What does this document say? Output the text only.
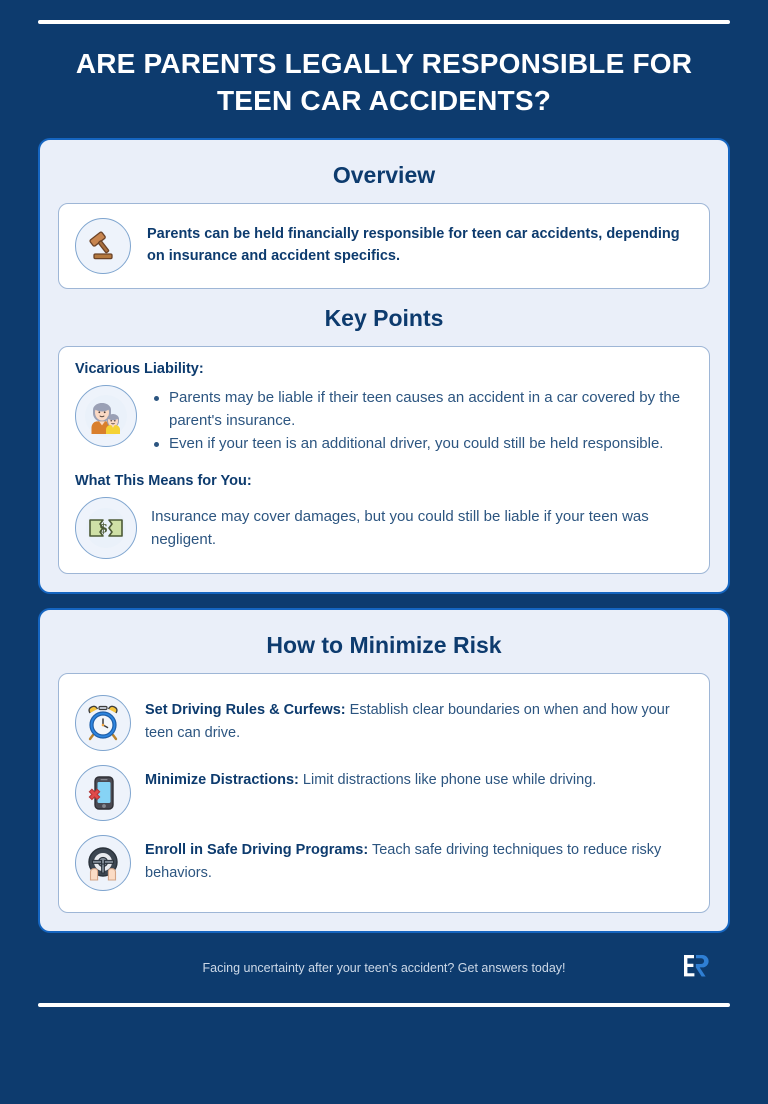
ARE PARENTS LEGALLY RESPONSIBLE FOR TEEN CAR ACCIDENTS?
Overview
Parents can be held financially responsible for teen car accidents, depending on insurance and accident specifics.
Key Points
Vicarious Liability:
Parents may be liable if their teen causes an accident in a car covered by the parent's insurance.
Even if your teen is an additional driver, you could still be held responsible.
What This Means for You:
$
Insurance may cover damages, but you could still be liable if your teen was negligent.
How to Minimize Risk
Set Driving Rules & Curfews: Establish clear boundaries on when and how your teen can drive.
Minimize Distractions: Limit distractions like phone use while driving.
Enroll in Safe Driving Programs: Teach safe driving techniques to reduce risky behaviors.
Facing uncertainty after your teen's accident? Get answers today!
